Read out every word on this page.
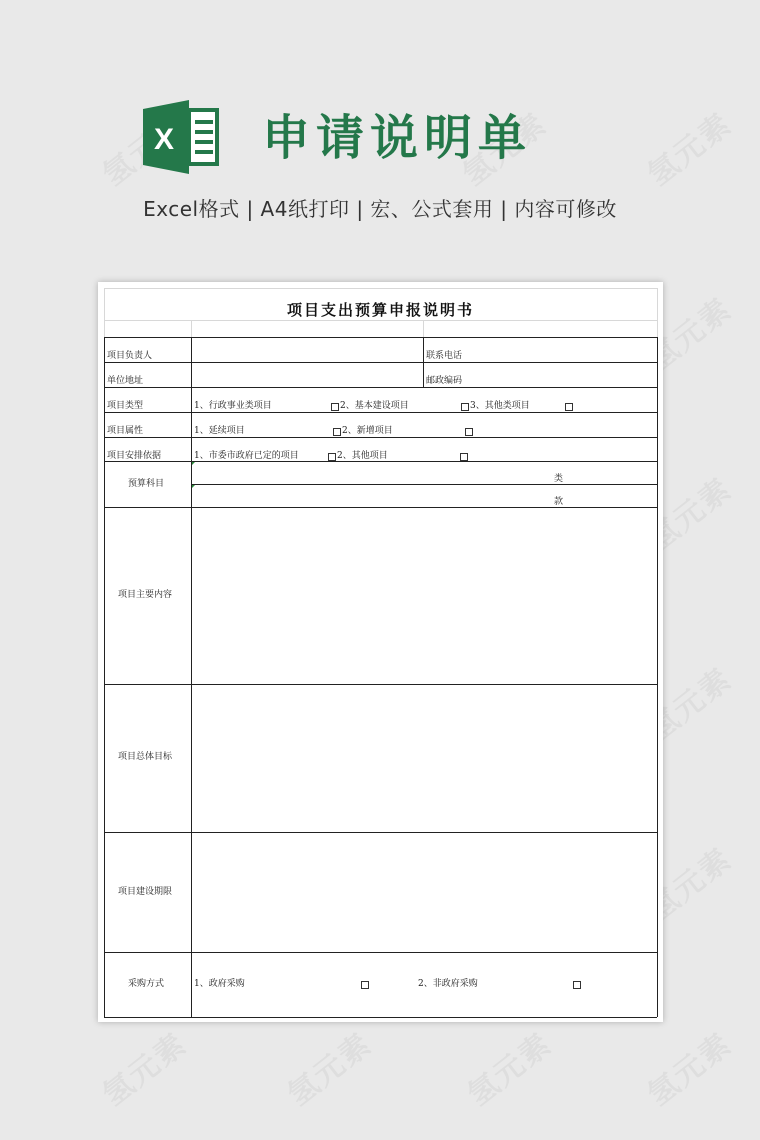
X 申请说明单
Excel格式 | A4纸打印 | 宏、公式套用 | 内容可修改
项目支出预算申报说明书
项目负责人	联系电话
单位地址	邮政编码
项目类型	1、行政事业类项目	2、基本建设项目	3、其他类项目
项目属性	1、延续项目	2、新增项目
项目安排依据	1、市委市政府已定的项目	2、其他项目
预算科目	类
款
项目主要内容
项目总体目标
项目建设期限
采购方式	1、政府采购	2、非政府采购
